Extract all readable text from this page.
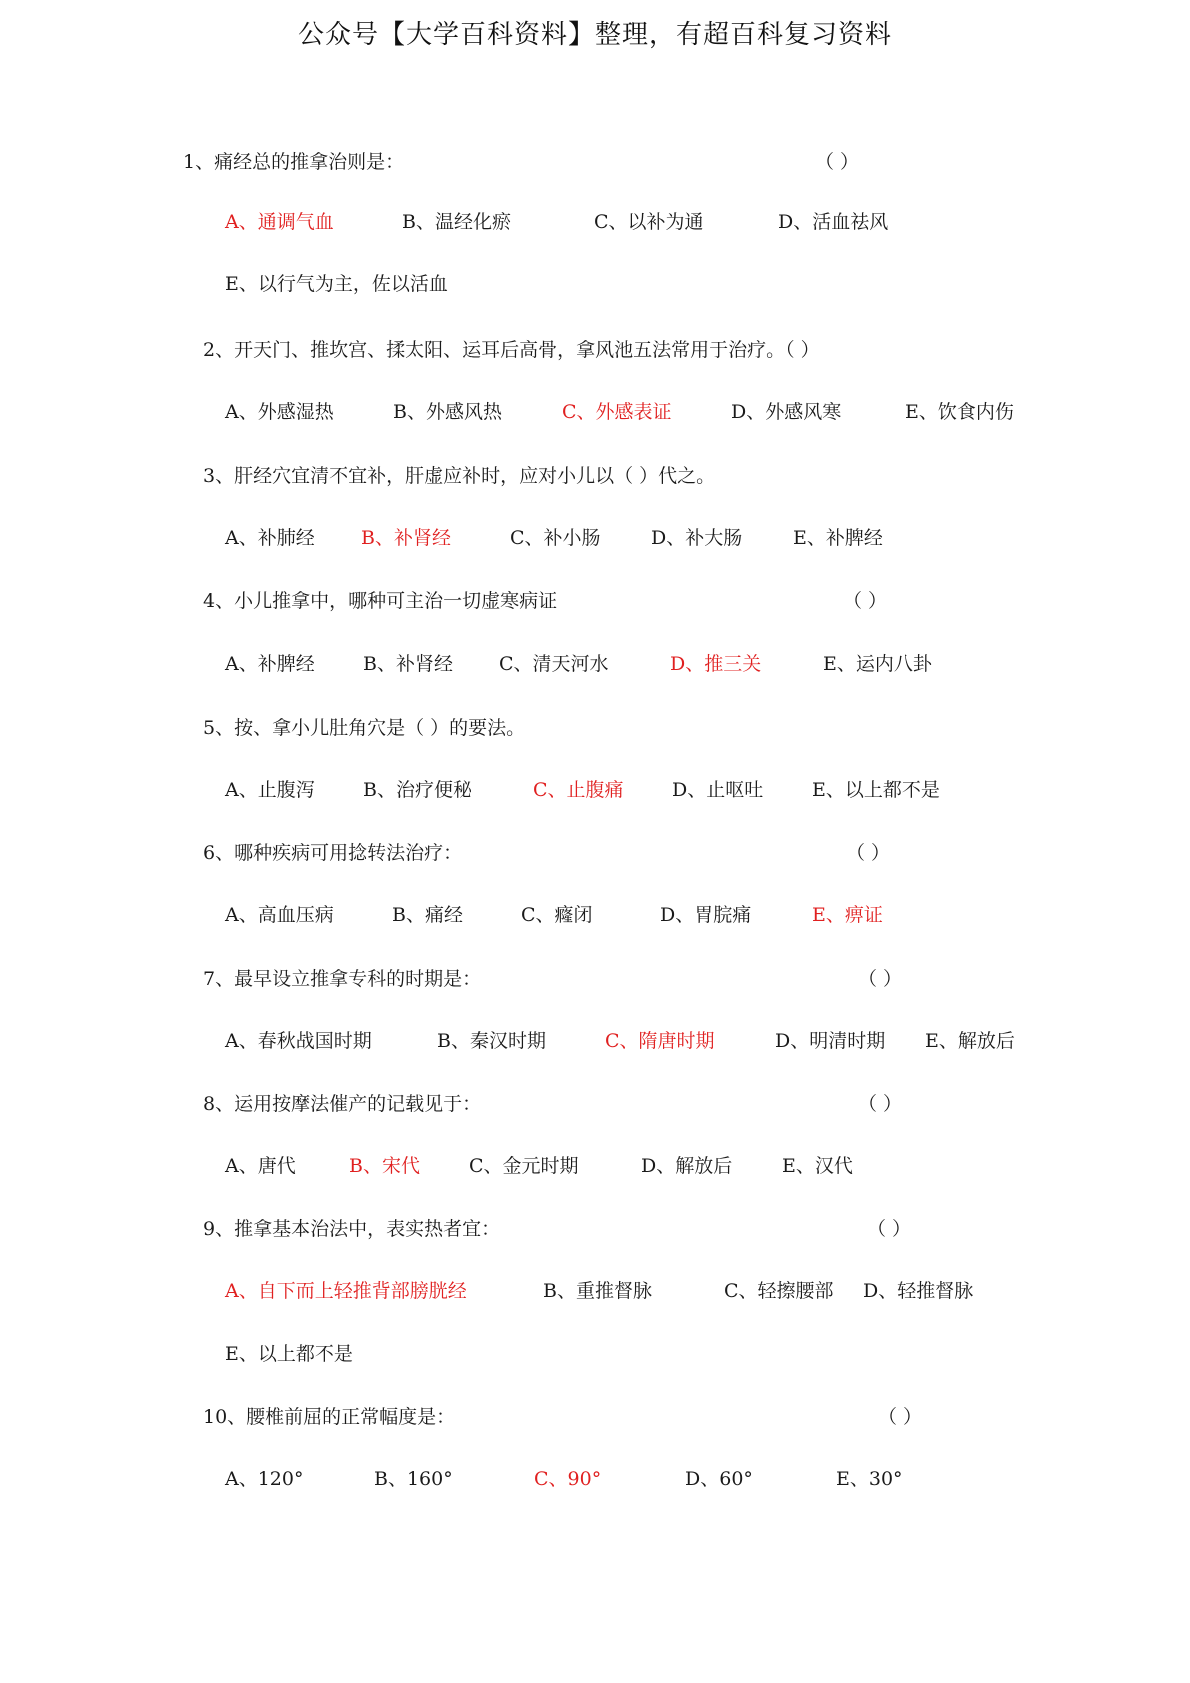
公众号【大学百科资料】整理，有超百科复习资料
1、痛经总的推拿治则是：	（ ）
A、通调气血	B、温经化瘀	C、以补为通	D、活血祛风
E、以行气为主，佐以活血
2、开天门、推坎宫、揉太阳、运耳后高骨，拿风池五法常用于治疗。（ ）
A、外感湿热	B、外感风热	C、外感表证	D、外感风寒	E、饮食内伤
3、肝经穴宜清不宜补，肝虚应补时，应对小儿以（ ）代之。
A、补肺经 B、补肾经	C、补小肠	D、补大肠	E、补脾经
4、小儿推拿中，哪种可主治一切虚寒病证	（ ）
A、补脾经	B、补肾经 C、清天河水	D、推三关	E、运内八卦
5、按、拿小儿肚角穴是（ ）的要法。
A、止腹泻	B、治疗便秘	C、止腹痛	D、止呕吐	E、以上都不是
6、哪种疾病可用捻转法治疗：	（ ）
A、高血压病	B、痛经	C、癃闭	D、胃脘痛	E、痹证
7、最早设立推拿专科的时期是：	（ ）
A、春秋战国时期	B、秦汉时期	C、隋唐时期	D、明清时期 E、解放后
8、运用按摩法催产的记载见于：	（ ）
A、唐代	B、宋代	C、金元时期	D、解放后	E、汉代
9、推拿基本治法中，表实热者宜：	（ ）
A、自下而上轻推背部膀胱经	B、重推督脉	C、轻擦腰部 D、轻推督脉
E、以上都不是
10、腰椎前屈的正常幅度是：	（ ）
A、120°	B、160°	C、90°	D、60°	E、30°
